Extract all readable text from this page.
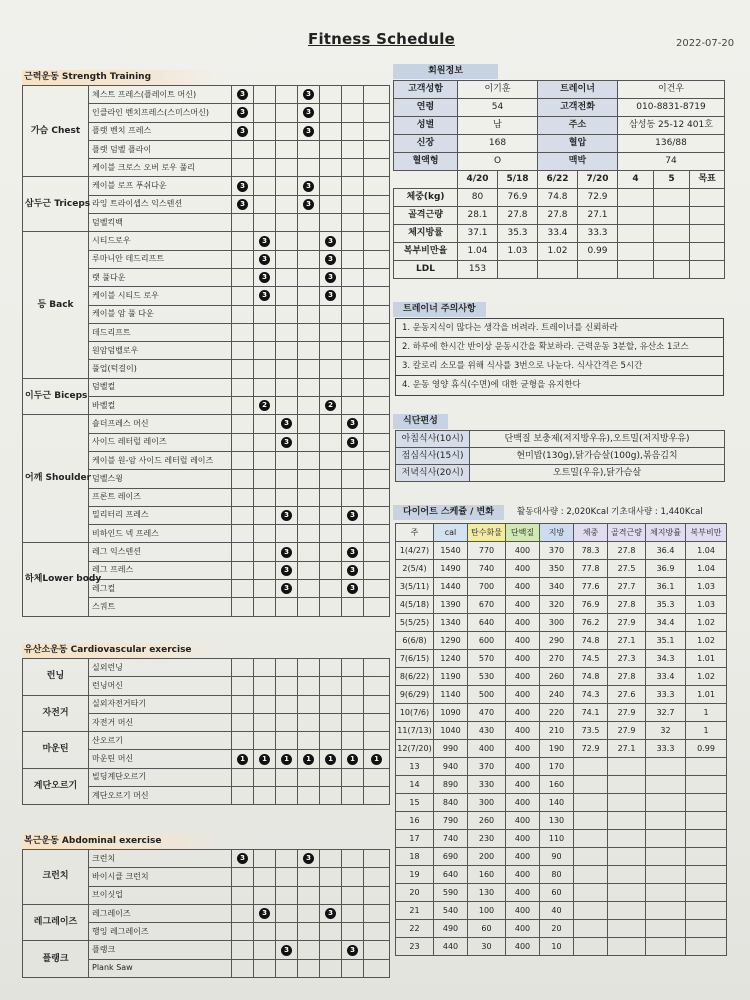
Fitness Schedule	2022-07-20
근력운동 Strength Training
가슴 Chest	체스트 프레스(플레이트 머신)	3			3			
	인클라인 벤치프레스(스미스머신)	3			3			
	플랫 벤치 프레스	3			3			
	플랫 덤벨 플라이							
	케이블 크로스 오버 로우 풀리							
삼두근 Triceps	케이블 로프 푸쉬다운	3			3			
	라잉 트라이셉스 익스텐션	3			3			
	덤벨킥백							
등 Back	시티드로우		3			3		
	루마니안 데드리프트		3			3		
	랫 풀다운		3			3		
	케이블 시티드 로우		3			3		
	케이블 암 풀 다운							
	데드리프트							
	원암덤벨로우							
	풀업(턱걸이)							
이두근 Biceps	덤벨컬							
	바벨컬		2			2		
어깨 Shoulder	숄더프레스 머신			3			3	
	사이드 레터럴 레이즈			3			3	
	케이블 원-암 사이드 레터럴 레이즈							
	덤벨스윙							
	프론트 레이즈							
	밀리터리 프레스			3			3	
	비하인드 넥 프레스							
하체Lower body	레그 익스텐션			3			3	
	레그 프레스			3			3	
	레그컬			3			3	
	스쿼트							
유산소운동 Cardiovascular exercise
런닝	실외런닝							
	런닝머신							
자전거	실외자전거타기							
	자전거 머신							
마운틴	산오르기							
	마운틴 머신	1	1	1	1	1	1	1
계단오르기	빌딩계단오르기							
	계단오르기 머신							
복근운동 Abdominal exercise
크런치	크런치	3			3			
	바이시클 크런치							
	브이싯업							
레그레이즈	레그레이즈		3			3		
	행잉 레그레이즈							
플랭크	플랭크			3			3	
	Plank Saw							
회원정보
고객성함	이기훈		트레이너		이건우			
연령	54		고객전화		010-8831-8719			
성별	남		주소		삼성동 25-12 401호			
신장	168		혈압		136/88			
혈액형	O		맥박		74			
	4/20	5/18	6/22	7/20	4	5	목표	
체중(kg)	80	76.9	74.8	72.9				
골격근량	28.1	27.8	27.8	27.1				
체지방률	37.1	35.3	33.4	33.3				
복부비만율	1.04	1.03	1.02	0.99				
LDL	153							
트레이너 주의사항
1. 운동지식이 많다는 생각을 버려라. 트레이너를 신뢰하라
2. 하루에 한시간 반이상 운동시간을 확보하라. 근력운동 3분할, 유산소 1코스
3. 칼로리 소모를 위해 식사를 3번으로 나눈다. 식사간격은 5시간
4. 운동 영양 휴식(수면)에 대한 균형을 유지한다
식단편성
아침식사(10시)	단백질 보충제(저지방우유),오트밀(저지방우유)
점심식사(15시)	현미밥(130g),닭가슴살(100g),볶음김치
저녁식사(20시)	오트밀(우유),닭가슴살
다이어트 스케쥴 / 변화	활동대사량 : 2,020Kcal 기초대사량 : 1,440Kcal
주	cal	탄수화물	단백질	지방	체중	골격근량	체지방률	복부비만
1(4/27)	1540	770	400	370	78.3	27.8	36.4	1.04
2(5/4)	1490	740	400	350	77.8	27.5	36.9	1.04
3(5/11)	1440	700	400	340	77.6	27.7	36.1	1.03
4(5/18)	1390	670	400	320	76.9	27.8	35.3	1.03
5(5/25)	1340	640	400	300	76.2	27.9	34.4	1.02
6(6/8)	1290	600	400	290	74.8	27.1	35.1	1.02
7(6/15)	1240	570	400	270	74.5	27.3	34.3	1.01
8(6/22)	1190	530	400	260	74.8	27.8	33.4	1.02
9(6/29)	1140	500	400	240	74.3	27.6	33.3	1.01
10(7/6)	1090	470	400	220	74.1	27.9	32.7	1
11(7/13)	1040	430	400	210	73.5	27.9	32	1
12(7/20)	990	400	400	190	72.9	27.1	33.3	0.99
13	940	370	400	170				
14	890	330	400	160				
15	840	300	400	140				
16	790	260	400	130				
17	740	230	400	110				
18	690	200	400	90				
19	640	160	400	80				
20	590	130	400	60				
21	540	100	400	40				
22	490	60	400	20				
23	440	30	400	10				
